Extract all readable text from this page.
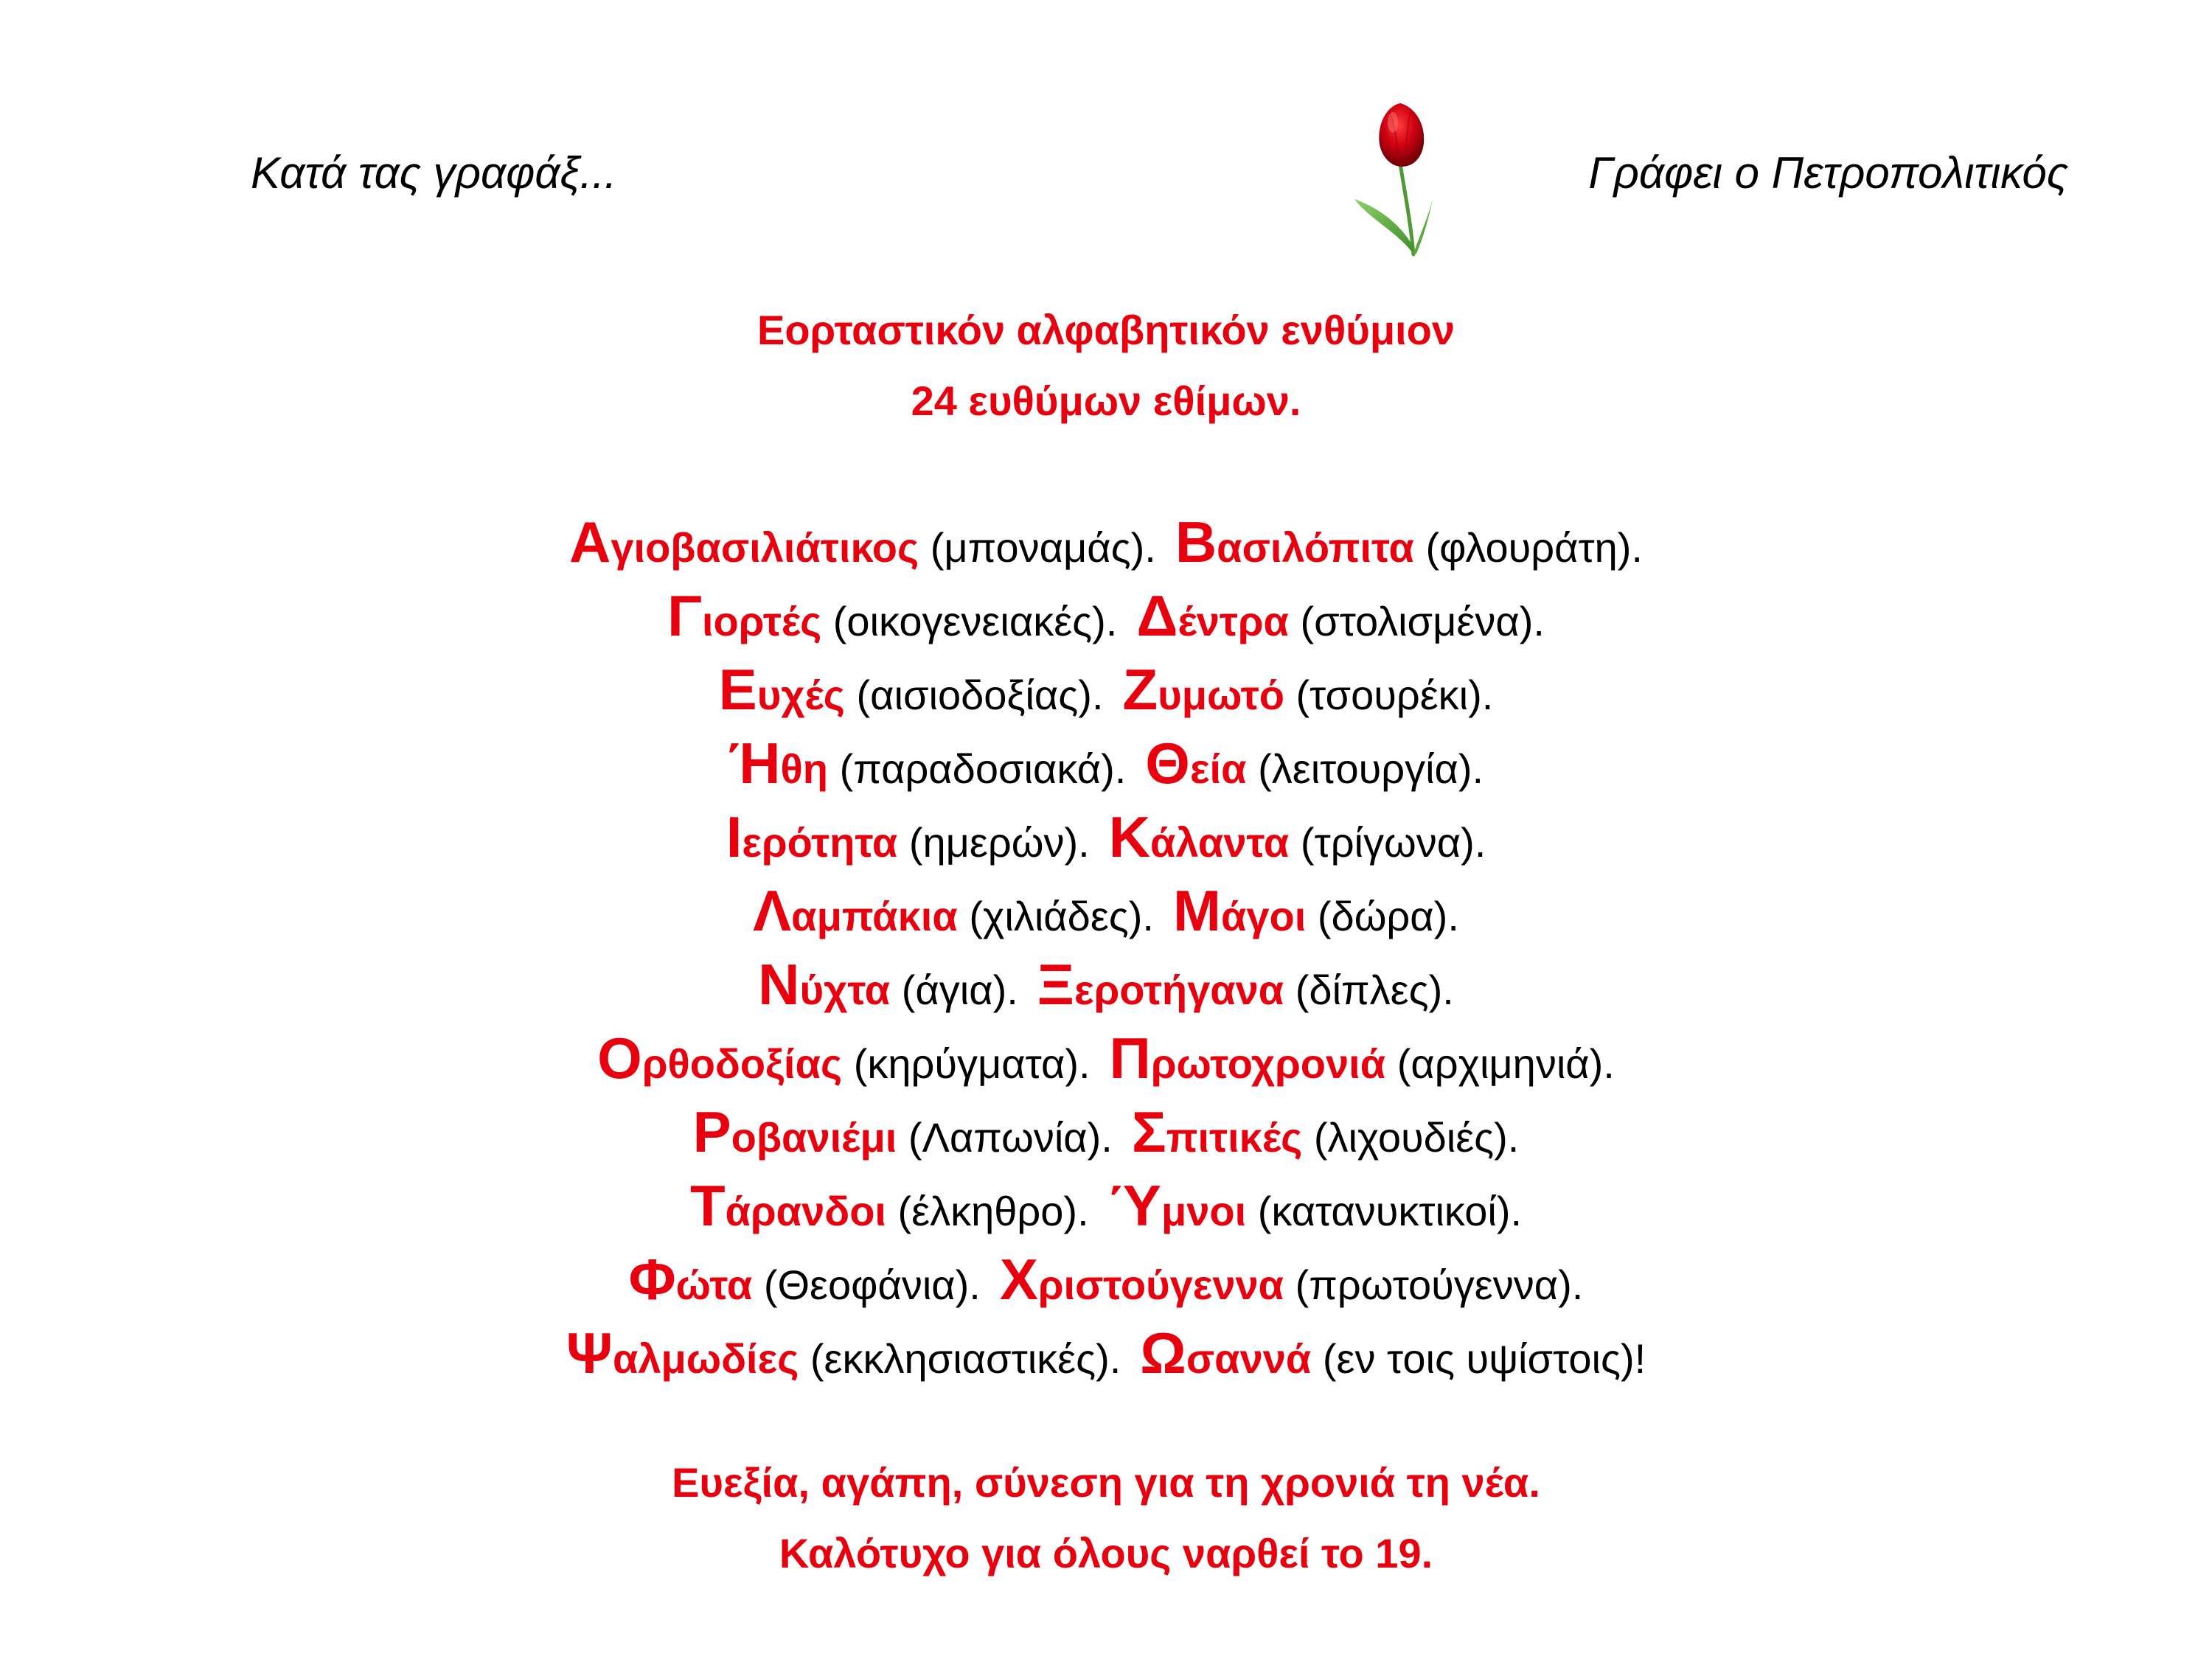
Κατά τας γραφάξ...	Γράφει ο Πετροπολιτικός
Εορταστικόν αλφαβητικόν ενθύμιον
24 ευθύμων εθίμων.
Αγιοβασιλιάτικος (μποναμάς). Βασιλόπιτα (φλουράτη).
Γιορτές (οικογενειακές). Δέντρα (στολισμένα).
Ευχές (αισιοδοξίας). Ζυμωτό (τσουρέκι).
Ήθη (παραδοσιακά). Θεία (λειτουργία).
Ιερότητα (ημερών). Κάλαντα (τρίγωνα).
Λαμπάκια (χιλιάδες). Μάγοι (δώρα).
Νύχτα (άγια). Ξεροτήγανα (δίπλες).
Ορθοδοξίας (κηρύγματα). Πρωτοχρονιά (αρχιμηνιά).
Ροβανιέμι (Λαπωνία). Σπιτικές (λιχουδιές).
Τάρανδοι (έλκηθρο). Ύμνοι (κατανυκτικοί).
Φώτα (Θεοφάνια). Χριστούγεννα (πρωτούγεννα).
Ψαλμωδίες (εκκλησιαστικές). Ωσαννά (εν τοις υψίστοις)!
Ευεξία, αγάπη, σύνεση για τη χρονιά τη νέα.
Καλότυχο για όλους ναρθεί το 19.
